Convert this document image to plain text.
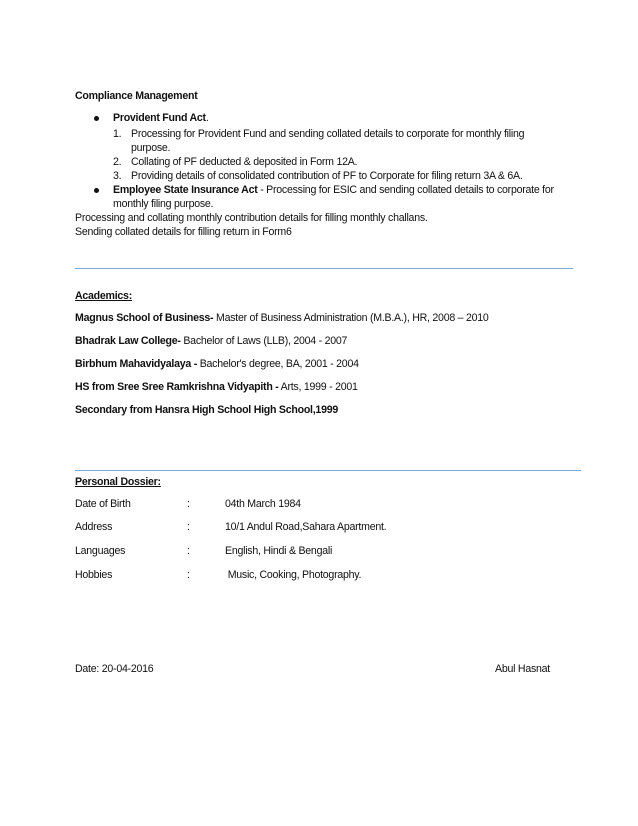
Compliance Management
Provident Fund Act.
1. Processing for Provident Fund and sending collated details to corporate for monthly filing
purpose.
2. Collating of PF deducted & deposited in Form 12A.
3. Providing details of consolidated contribution of PF to Corporate for filing return 3A & 6A.
Employee State Insurance Act - Processing for ESIC and sending collated details to corporate for
monthly filing purpose.
Processing and collating monthly contribution details for filling monthly challans.
Sending collated details for filling return in Form6
Academics:
Magnus School of Business- Master of Business Administration (M.B.A.), HR, 2008 – 2010
Bhadrak Law College- Bachelor of Laws (LLB), 2004 - 2007
Birbhum Mahavidyalaya - Bachelor's degree, BA, 2001 - 2004
HS from Sree Sree Ramkrishna Vidyapith - Arts, 1999 - 2001
Secondary from Hansra High School High School,1999
Personal Dossier:
Date of Birth	:	04th March 1984
Address	:	10/1 Andul Road,Sahara Apartment.
Languages	:	English, Hindi & Bengali
Hobbies	:	Music, Cooking, Photography.
Date: 20-04-2016	Abul Hasnat
